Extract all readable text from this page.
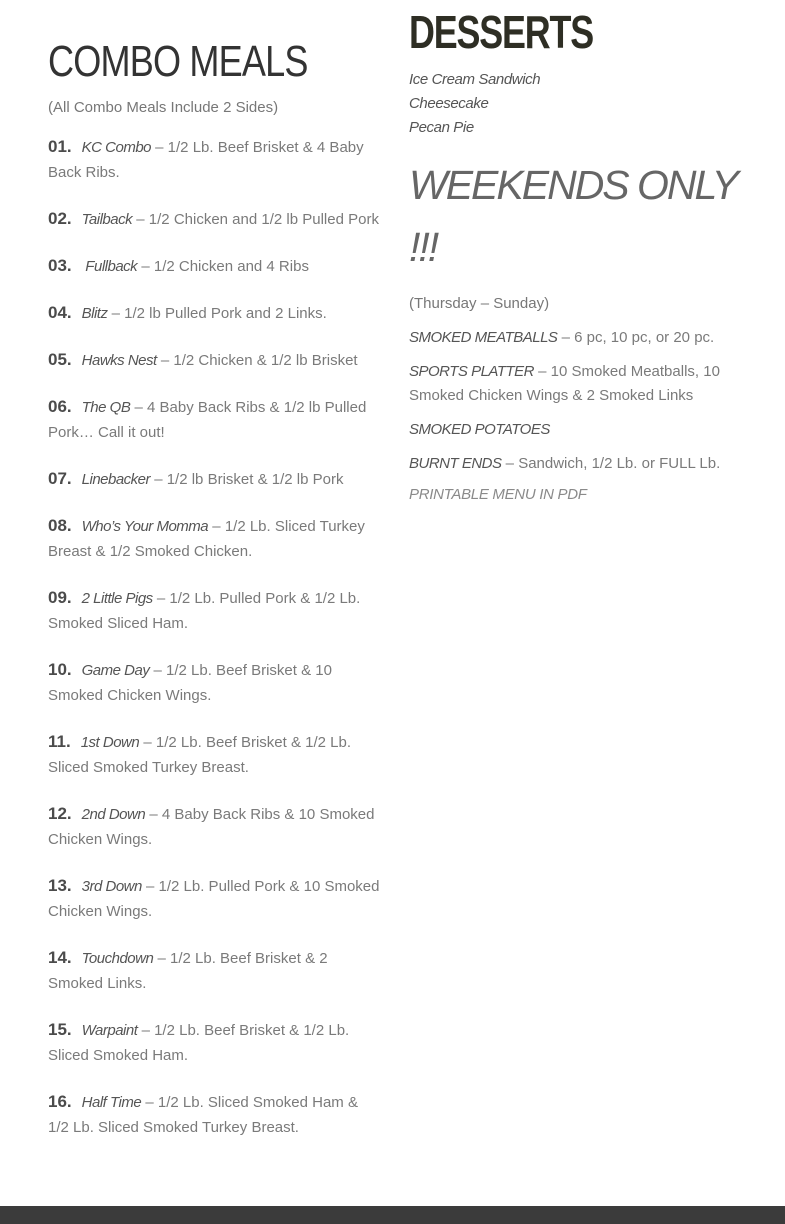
COMBO MEALS
(All Combo Meals Include 2 Sides)
01. KC Combo – 1/2 Lb. Beef Brisket & 4 Baby Back Ribs.
02. Tailback – 1/2 Chicken and 1/2 lb Pulled Pork
03. Fullback – 1/2 Chicken and 4 Ribs
04. Blitz – 1/2 lb Pulled Pork and 2 Links.
05. Hawks Nest – 1/2 Chicken & 1/2 lb Brisket
06. The QB – 4 Baby Back Ribs & 1/2 lb Pulled Pork… Call it out!
07. Linebacker – 1/2 lb Brisket & 1/2 lb Pork
08. Who’s Your Momma – 1/2 Lb. Sliced Turkey Breast & 1/2 Smoked Chicken.
09. 2 Little Pigs – 1/2 Lb. Pulled Pork & 1/2 Lb. Smoked Sliced Ham.
10. Game Day – 1/2 Lb. Beef Brisket & 10 Smoked Chicken Wings.
11. 1st Down – 1/2 Lb. Beef Brisket & 1/2 Lb. Sliced Smoked Turkey Breast.
12. 2nd Down – 4 Baby Back Ribs & 10 Smoked Chicken Wings.
13. 3rd Down – 1/2 Lb. Pulled Pork & 10 Smoked Chicken Wings.
14. Touchdown – 1/2 Lb. Beef Brisket & 2 Smoked Links.
15. Warpaint – 1/2 Lb. Beef Brisket & 1/2 Lb. Sliced Smoked Ham.
16. Half Time – 1/2 Lb. Sliced Smoked Ham & 1/2 Lb. Sliced Smoked Turkey Breast.
DESSERTS
Ice Cream Sandwich
Cheesecake
Pecan Pie
WEEKENDS ONLY !!!
(Thursday – Sunday)
SMOKED MEATBALLS – 6 pc, 10 pc, or 20 pc.
SPORTS PLATTER – 10 Smoked Meatballs, 10 Smoked Chicken Wings & 2 Smoked Links
SMOKED POTATOES
BURNT ENDS – Sandwich, 1/2 Lb. or FULL Lb.
PRINTABLE MENU IN PDF
